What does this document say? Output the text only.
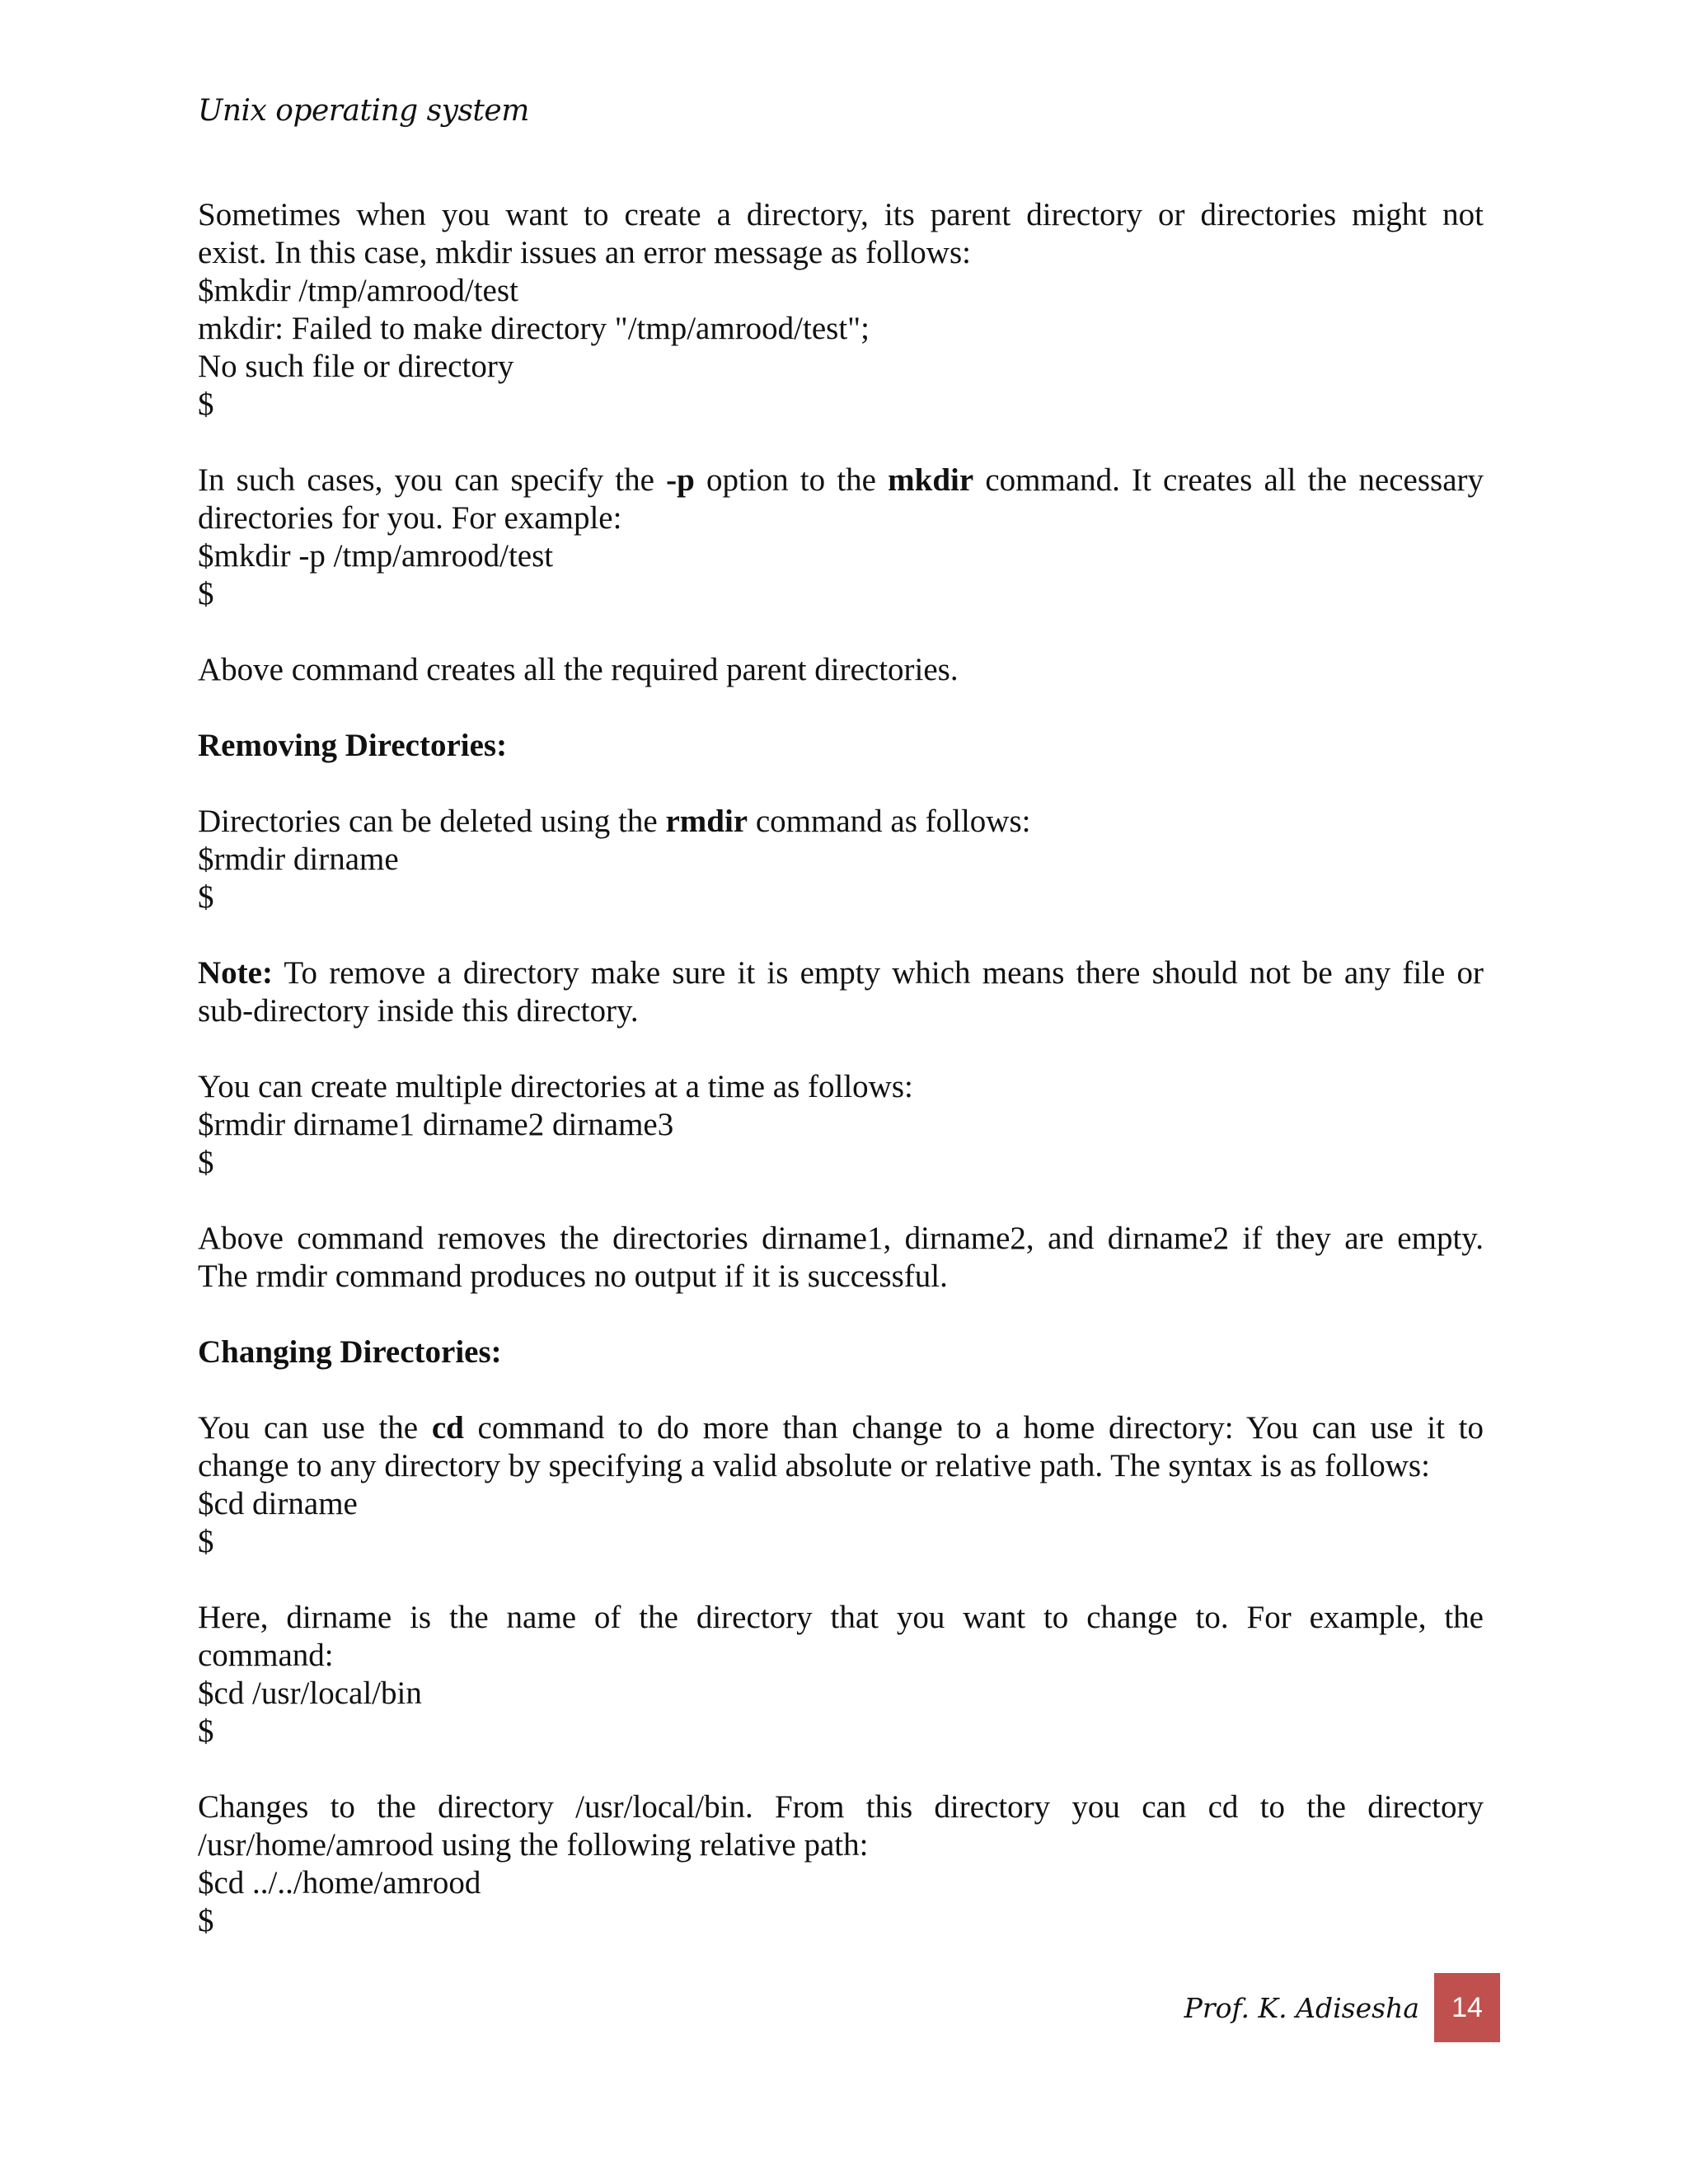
Unix operating system
Sometimes when you want to create a directory, its parent directory or directories might not
exist. In this case, mkdir issues an error message as follows:
$mkdir /tmp/amrood/test
mkdir: Failed to make directory "/tmp/amrood/test";
No such file or directory
$
In such cases, you can specify the -p option to the mkdir command. It creates all the necessary
directories for you. For example:
$mkdir -p /tmp/amrood/test
$
Above command creates all the required parent directories.
Removing Directories:
Directories can be deleted using the rmdir command as follows:
$rmdir dirname
$
Note: To remove a directory make sure it is empty which means there should not be any file or
sub-directory inside this directory.
You can create multiple directories at a time as follows:
$rmdir dirname1 dirname2 dirname3
$
Above command removes the directories dirname1, dirname2, and dirname2 if they are empty.
The rmdir command produces no output if it is successful.
Changing Directories:
You can use the cd command to do more than change to a home directory: You can use it to
change to any directory by specifying a valid absolute or relative path. The syntax is as follows:
$cd dirname
$
Here, dirname is the name of the directory that you want to change to. For example, the
command:
$cd /usr/local/bin
$
Changes to the directory /usr/local/bin. From this directory you can cd to the directory
/usr/home/amrood using the following relative path:
$cd ../../home/amrood
$
Prof. K. Adisesha	14
